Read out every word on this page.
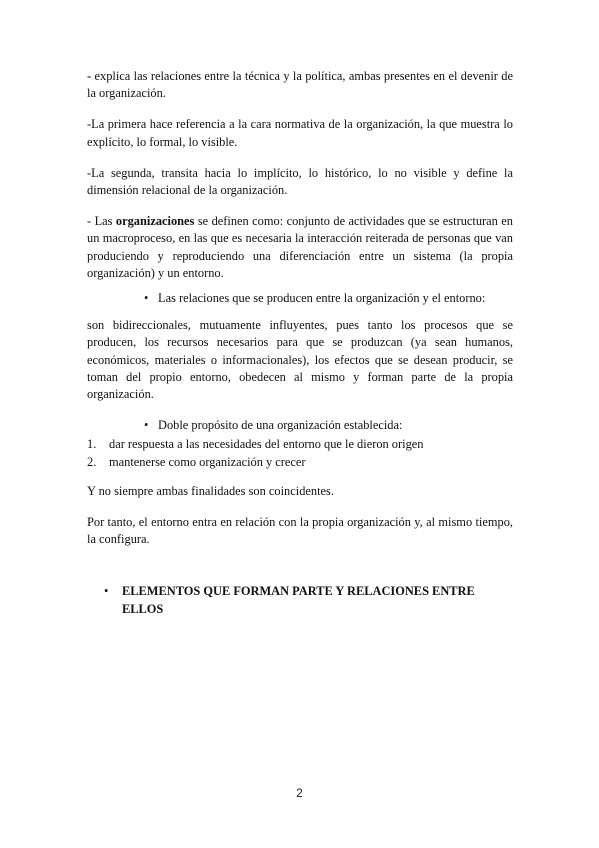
- explica las relaciones entre la técnica y la política, ambas presentes en el devenir de la organización.

-La primera hace referencia a la cara normativa de la organización, la que muestra lo explícito, lo formal, lo visible.

-La segunda, transita hacia lo implícito, lo histórico, lo no visible y define la dimensión relacional de la organización.

- Las organizaciones se definen como: conjunto de actividades que se estructuran en un macroproceso, en las que es necesaria la interacción reiterada de personas que van produciendo y reproduciendo una diferenciación entre un sistema (la propia organización) y un entorno.

• Las relaciones que se producen entre la organización y el entorno:

son bidireccionales, mutuamente influyentes, pues tanto los procesos que se producen, los recursos necesarios para que se produzcan (ya sean humanos, económicos, materiales o informacionales), los efectos que se desean producir, se toman del propio entorno, obedecen al mismo y forman parte de la propia organización.

• Doble propósito de una organización establecida:
1. dar respuesta a las necesidades del entorno que le dieron origen
2. mantenerse como organización y crecer

Y no siempre ambas finalidades son coincidentes.

Por tanto, el entorno entra en relación con la propia organización y, al mismo tiempo, la configura.

• ELEMENTOS QUE FORMAN PARTE Y RELACIONES ENTRE ELLOS
2
